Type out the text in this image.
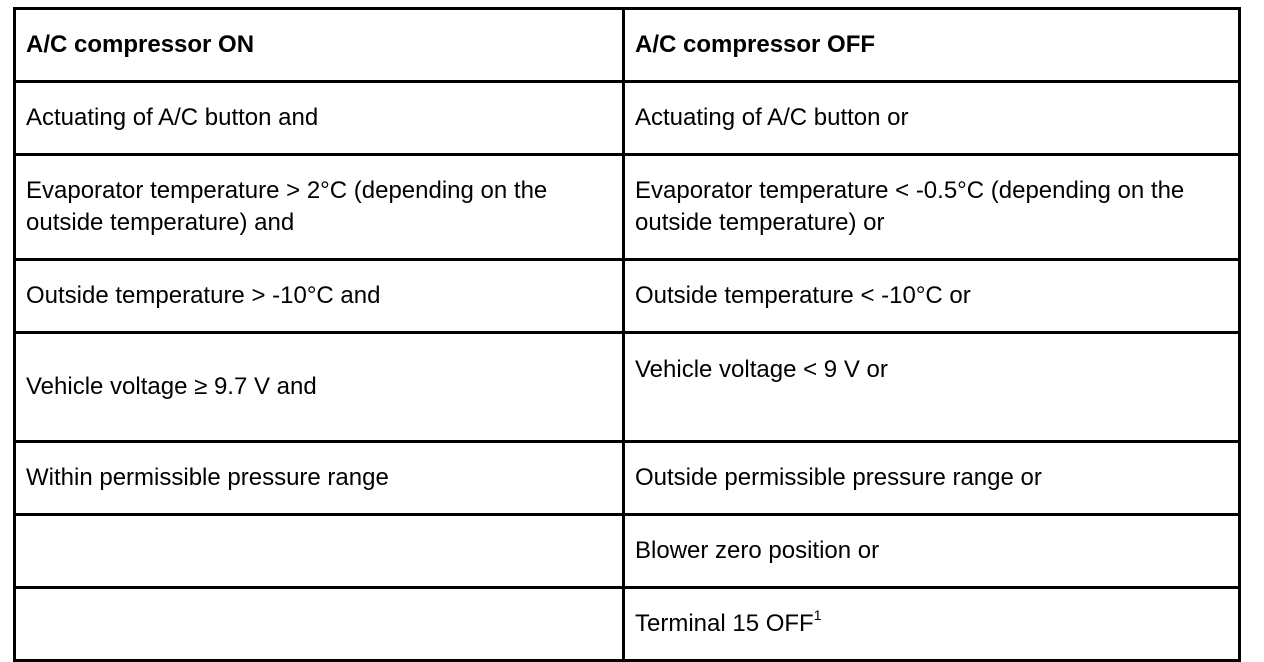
A/C compressor ON	A/C compressor OFF
Actuating of A/C button and	Actuating of A/C button or
Evaporator temperature > 2°C (depending on the outside temperature) and	Evaporator temperature < -0.5°C (depending on the outside temperature) or
Outside temperature > -10°C and	Outside temperature < -10°C or
Vehicle voltage ≥ 9.7 V and	Vehicle voltage < 9 V or
Within permissible pressure range	Outside permissible pressure range or
	Blower zero position or
	Terminal 15 OFF$^1$
